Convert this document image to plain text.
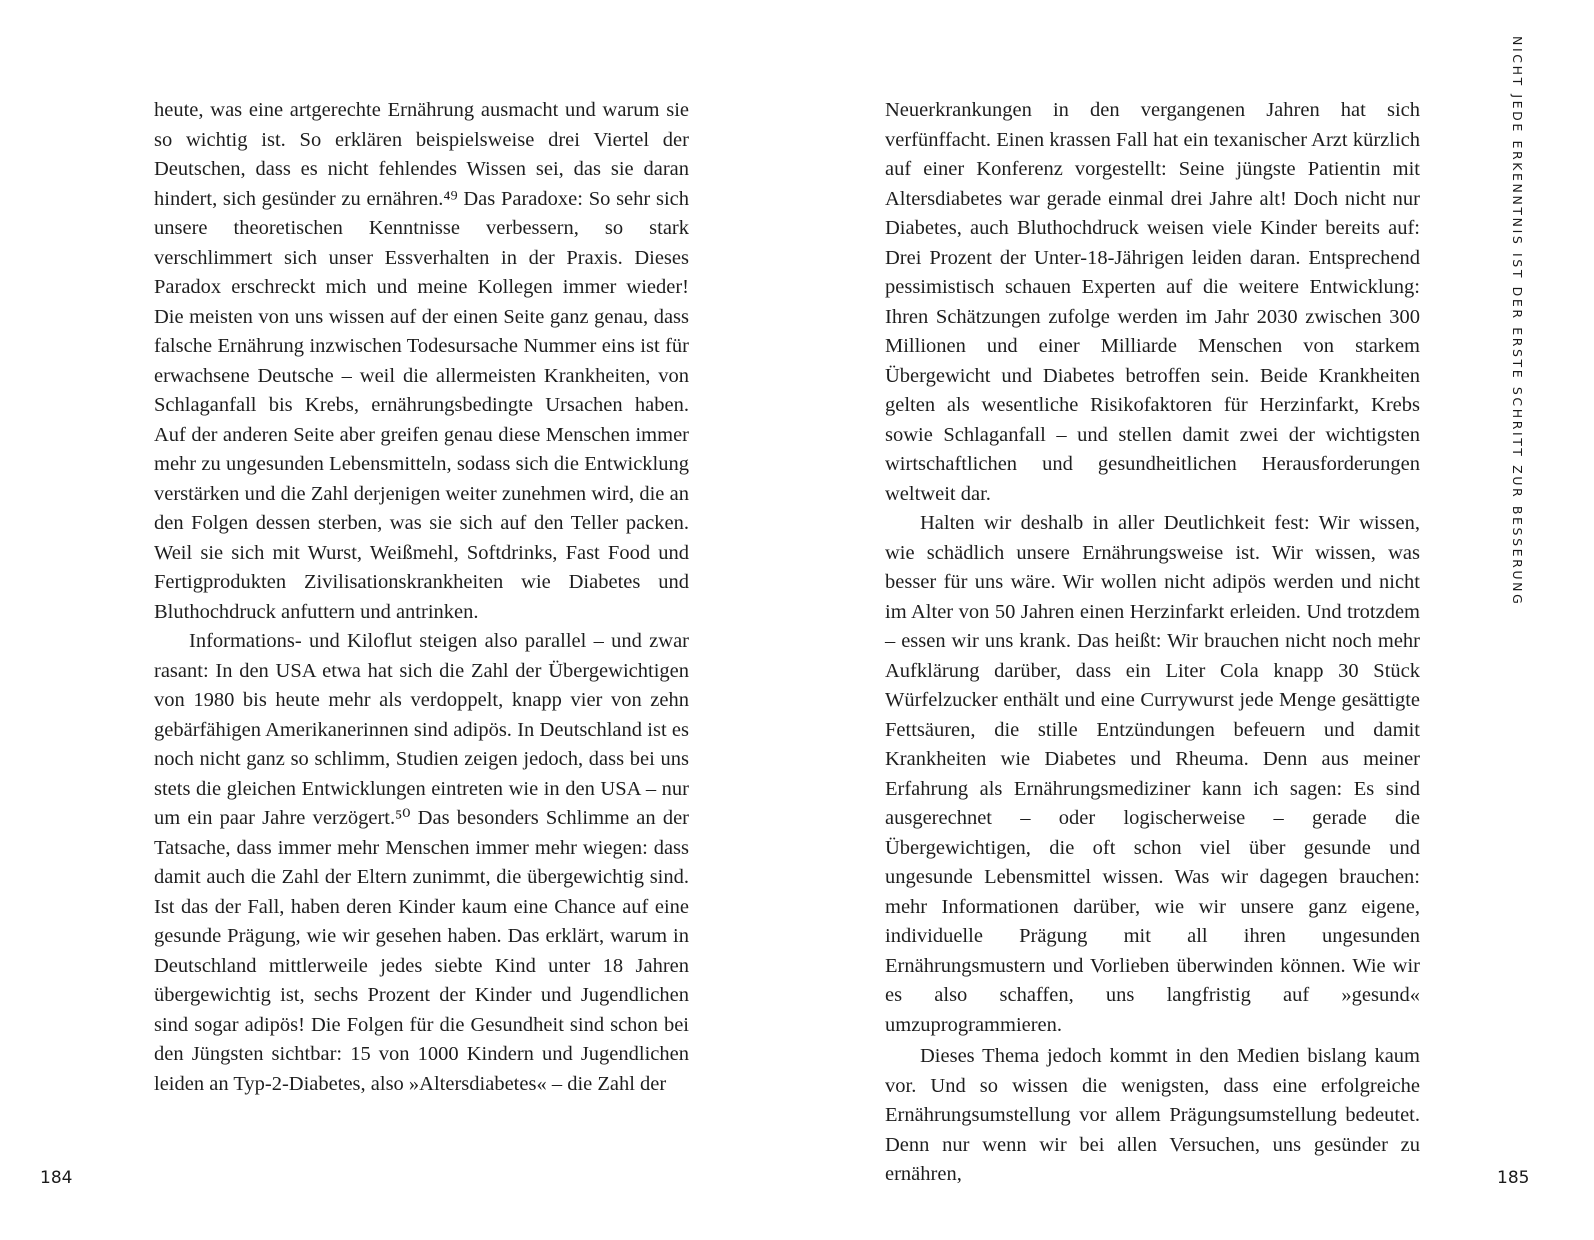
heute, was eine artgerechte Ernährung ausmacht und warum sie so wichtig ist. So erklären beispielsweise drei Viertel der Deutschen, dass es nicht fehlendes Wissen sei, das sie daran hindert, sich gesünder zu ernähren.⁴⁹ Das Paradoxe: So sehr sich unsere theoretischen Kenntnisse verbessern, so stark verschlimmert sich unser Essverhalten in der Praxis. Dieses Paradox erschreckt mich und meine Kollegen immer wieder! Die meisten von uns wissen auf der einen Seite ganz genau, dass falsche Ernährung inzwischen Todesursache Nummer eins ist für erwachsene Deutsche – weil die allermeisten Krankheiten, von Schlaganfall bis Krebs, ernährungsbedingte Ursachen haben. Auf der anderen Seite aber greifen genau diese Menschen immer mehr zu ungesunden Lebensmitteln, sodass sich die Entwicklung verstärken und die Zahl derjenigen weiter zunehmen wird, die an den Folgen dessen sterben, was sie sich auf den Teller packen. Weil sie sich mit Wurst, Weißmehl, Softdrinks, Fast Food und Fertigprodukten Zivilisationskrankheiten wie Diabetes und Bluthochdruck anfuttern und antrinken.

Informations- und Kiloflut steigen also parallel – und zwar rasant: In den USA etwa hat sich die Zahl der Übergewichtigen von 1980 bis heute mehr als verdoppelt, knapp vier von zehn gebärfähigen Amerikanerinnen sind adipös. In Deutschland ist es noch nicht ganz so schlimm, Studien zeigen jedoch, dass bei uns stets die gleichen Entwicklungen eintreten wie in den USA – nur um ein paar Jahre verzögert.⁵⁰ Das besonders Schlimme an der Tatsache, dass immer mehr Menschen immer mehr wiegen: dass damit auch die Zahl der Eltern zunimmt, die übergewichtig sind. Ist das der Fall, haben deren Kinder kaum eine Chance auf eine gesunde Prägung, wie wir gesehen haben. Das erklärt, warum in Deutschland mittlerweile jedes siebte Kind unter 18 Jahren übergewichtig ist, sechs Prozent der Kinder und Jugendlichen sind sogar adipös! Die Folgen für die Gesundheit sind schon bei den Jüngsten sichtbar: 15 von 1000 Kindern und Jugendlichen leiden an Typ-2-Diabetes, also »Altersdiabetes« – die Zahl der

184

Neuerkrankungen in den vergangenen Jahren hat sich verfünffacht. Einen krassen Fall hat ein texanischer Arzt kürzlich auf einer Konferenz vorgestellt: Seine jüngste Patientin mit Altersdiabetes war gerade einmal drei Jahre alt! Doch nicht nur Diabetes, auch Bluthochdruck weisen viele Kinder bereits auf: Drei Prozent der Unter-18-Jährigen leiden daran. Entsprechend pessimistisch schauen Experten auf die weitere Entwicklung: Ihren Schätzungen zufolge werden im Jahr 2030 zwischen 300 Millionen und einer Milliarde Menschen von starkem Übergewicht und Diabetes betroffen sein. Beide Krankheiten gelten als wesentliche Risikofaktoren für Herzinfarkt, Krebs sowie Schlaganfall – und stellen damit zwei der wichtigsten wirtschaftlichen und gesundheitlichen Herausforderungen weltweit dar.

Halten wir deshalb in aller Deutlichkeit fest: Wir wissen, wie schädlich unsere Ernährungsweise ist. Wir wissen, was besser für uns wäre. Wir wollen nicht adipös werden und nicht im Alter von 50 Jahren einen Herzinfarkt erleiden. Und trotzdem – essen wir uns krank. Das heißt: Wir brauchen nicht noch mehr Aufklärung darüber, dass ein Liter Cola knapp 30 Stück Würfelzucker enthält und eine Currywurst jede Menge gesättigte Fettsäuren, die stille Entzündungen befeuern und damit Krankheiten wie Diabetes und Rheuma. Denn aus meiner Erfahrung als Ernährungsmediziner kann ich sagen: Es sind ausgerechnet – oder logischerweise – gerade die Übergewichtigen, die oft schon viel über gesunde und ungesunde Lebensmittel wissen. Was wir dagegen brauchen: mehr Informationen darüber, wie wir unsere ganz eigene, individuelle Prägung mit all ihren ungesunden Ernährungsmustern und Vorlieben überwinden können. Wie wir es also schaffen, uns langfristig auf »gesund« umzuprogrammieren.

Dieses Thema jedoch kommt in den Medien bislang kaum vor. Und so wissen die wenigsten, dass eine erfolgreiche Ernährungsumstellung vor allem Prägungsumstellung bedeutet. Denn nur wenn wir bei allen Versuchen, uns gesünder zu ernähren,

NICHT JEDE ERKENNTNIS IST DER ERSTE SCHRITT ZUR BESSERUNG
185
